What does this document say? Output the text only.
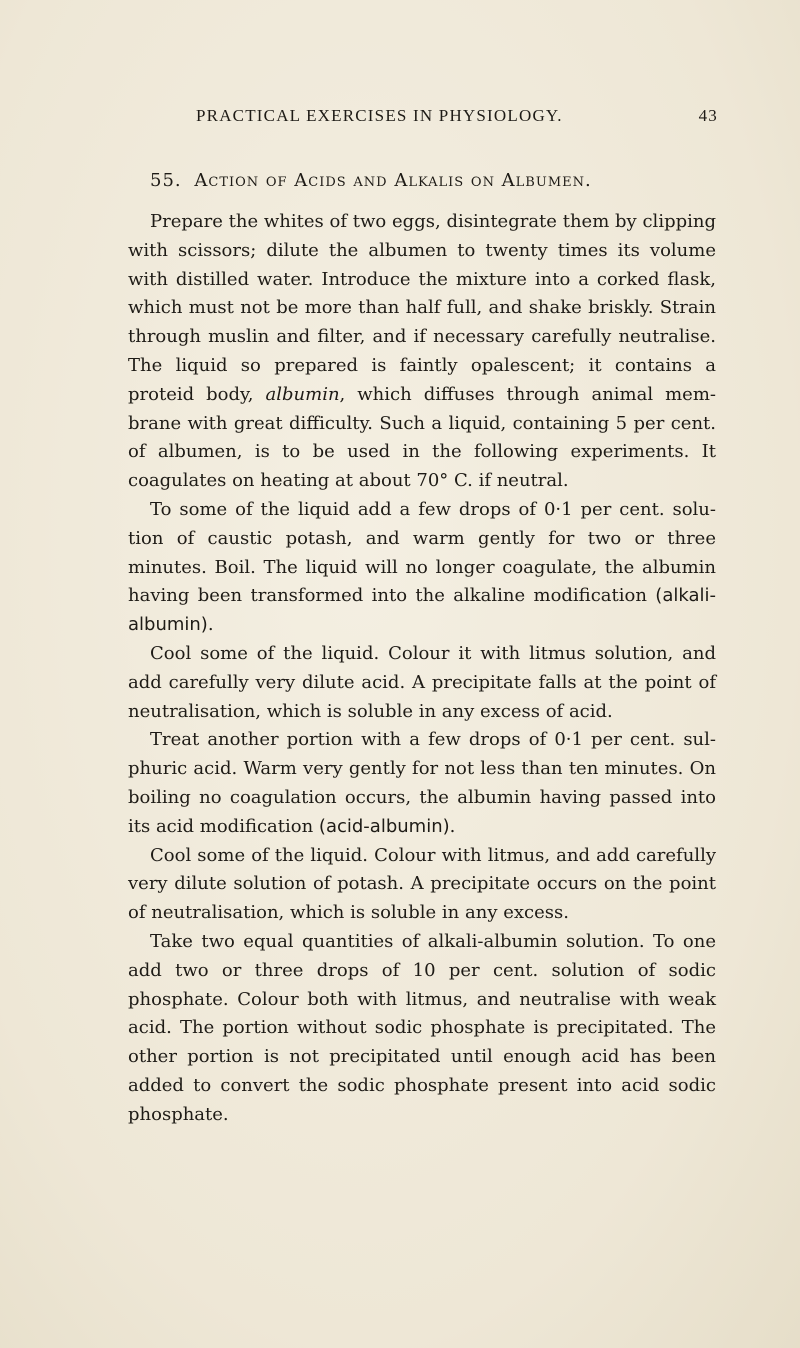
PRACTICAL EXERCISES IN PHYSIOLOGY.	43
55. Action of Acids and Alkalis on Albumen.

Prepare the whites of two eggs, disintegrate them by clipping with scissors; dilute the albumen to twenty times its volume with distilled water. Introduce the mixture into a corked flask, which must not be more than half full, and shake briskly. Strain through muslin and filter, and if necessary carefully neutralise. The liquid so prepared is faintly opalescent; it contains a proteid body, albumin, which diffuses through animal membrane with great difficulty. Such a liquid, containing 5 per cent. of albumen, is to be used in the following experiments. It coagulates on heating at about 70° C. if neutral.

To some of the liquid add a few drops of 0·1 per cent. solution of caustic potash, and warm gently for two or three minutes. Boil. The liquid will no longer coagulate, the albumin having been transformed into the alkaline modification (alkali-albumin).

Cool some of the liquid. Colour it with litmus solution, and add carefully very dilute acid. A precipitate falls at the point of neutralisation, which is soluble in any excess of acid.

Treat another portion with a few drops of 0·1 per cent. sulphuric acid. Warm very gently for not less than ten minutes. On boiling no coagulation occurs, the albumin having passed into its acid modification (acid-albumin).

Cool some of the liquid. Colour with litmus, and add carefully very dilute solution of potash. A precipitate occurs on the point of neutralisation, which is soluble in any excess.

Take two equal quantities of alkali-albumin solution. To one add two or three drops of 10 per cent. solution of sodic phosphate. Colour both with litmus, and neutralise with weak acid. The portion without sodic phosphate is precipitated. The other portion is not precipitated until enough acid has been added to convert the sodic phosphate present into acid sodic phosphate.
